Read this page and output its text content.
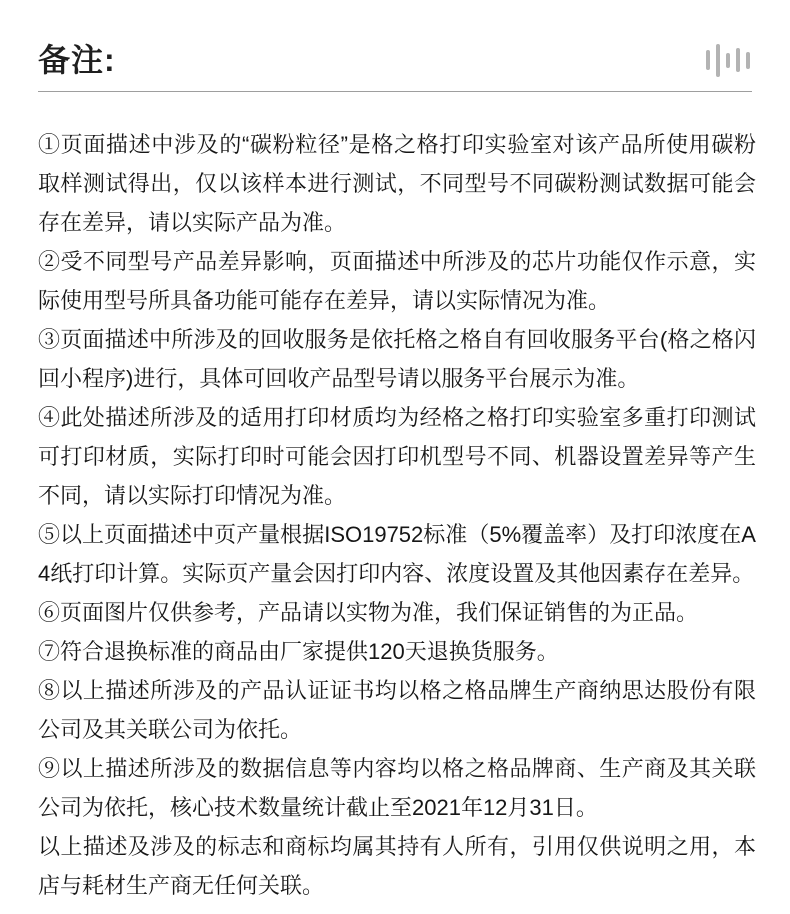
备注:

①页面描述中涉及的“碳粉粒径”是格之格打印实验室对该产品所使用碳粉取样测试得出，仅以该样本进行测试，不同型号不同碳粉测试数据可能会存在差异，请以实际产品为准。

②受不同型号产品差异影响，页面描述中所涉及的芯片功能仅作示意，实际使用型号所具备功能可能存在差异，请以实际情况为准。

③页面描述中所涉及的回收服务是依托格之格自有回收服务平台(格之格闪回小程序)进行，具体可回收产品型号请以服务平台展示为准。

④此处描述所涉及的适用打印材质均为经格之格打印实验室多重打印测试可打印材质，实际打印时可能会因打印机型号不同、机器设置差异等产生不同，请以实际打印情况为准。

⑤以上页面描述中页产量根据ISO19752标准（5%覆盖率）及打印浓度在A4纸打印计算。实际页产量会因打印内容、浓度设置及其他因素存在差异。

⑥页面图片仅供参考，产品请以实物为准，我们保证销售的为正品。

⑦符合退换标准的商品由厂家提供120天退换货服务。

⑧以上描述所涉及的产品认证证书均以格之格品牌生产商纳思达股份有限公司及其关联公司为依托。

⑨以上描述所涉及的数据信息等内容均以格之格品牌商、生产商及其关联公司为依托，核心技术数量统计截止至2021年12月31日。

以上描述及涉及的标志和商标均属其持有人所有，引用仅供说明之用，本店与耗材生产商无任何关联。
